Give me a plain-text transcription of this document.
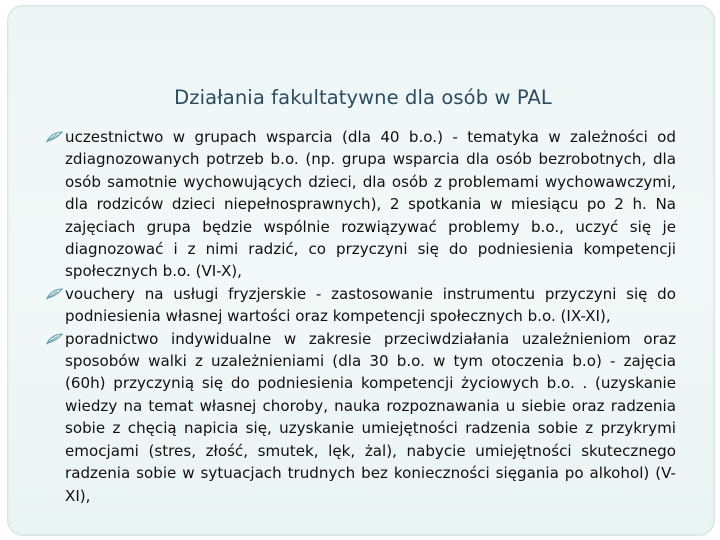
Działania fakultatywne dla osób w PAL
uczestnictwo w grupach wsparcia (dla 40 b.o.) - tematyka w zależności od zdiagnozowanych potrzeb b.o. (np. grupa wsparcia dla osób bezrobotnych, dla osób samotnie wychowujących dzieci, dla osób z problemami wychowawczymi, dla rodziców dzieci niepełnosprawnych), 2 spotkania w miesiącu po 2 h. Na zajęciach grupa będzie wspólnie rozwiązywać problemy b.o., uczyć się je diagnozować i z nimi radzić, co przyczyni się do podniesienia kompetencji społecznych b.o. (VI-X),
vouchery na usługi fryzjerskie - zastosowanie instrumentu przyczyni się do podniesienia własnej wartości oraz kompetencji społecznych b.o. (IX-XI),
poradnictwo indywidualne w zakresie przeciwdziałania uzależnieniom oraz sposobów walki z uzależnieniami (dla 30 b.o. w tym otoczenia b.o) - zajęcia (60h) przyczynią się do podniesienia kompetencji życiowych b.o. . (uzyskanie wiedzy na temat własnej choroby, nauka rozpoznawania u siebie oraz radzenia sobie z chęcią napicia się, uzyskanie umiejętności radzenia sobie z przykrymi emocjami (stres, złość, smutek, lęk, żal), nabycie umiejętności skutecznego radzenia sobie w sytuacjach trudnych bez konieczności sięgania po alkohol) (V-XI),
